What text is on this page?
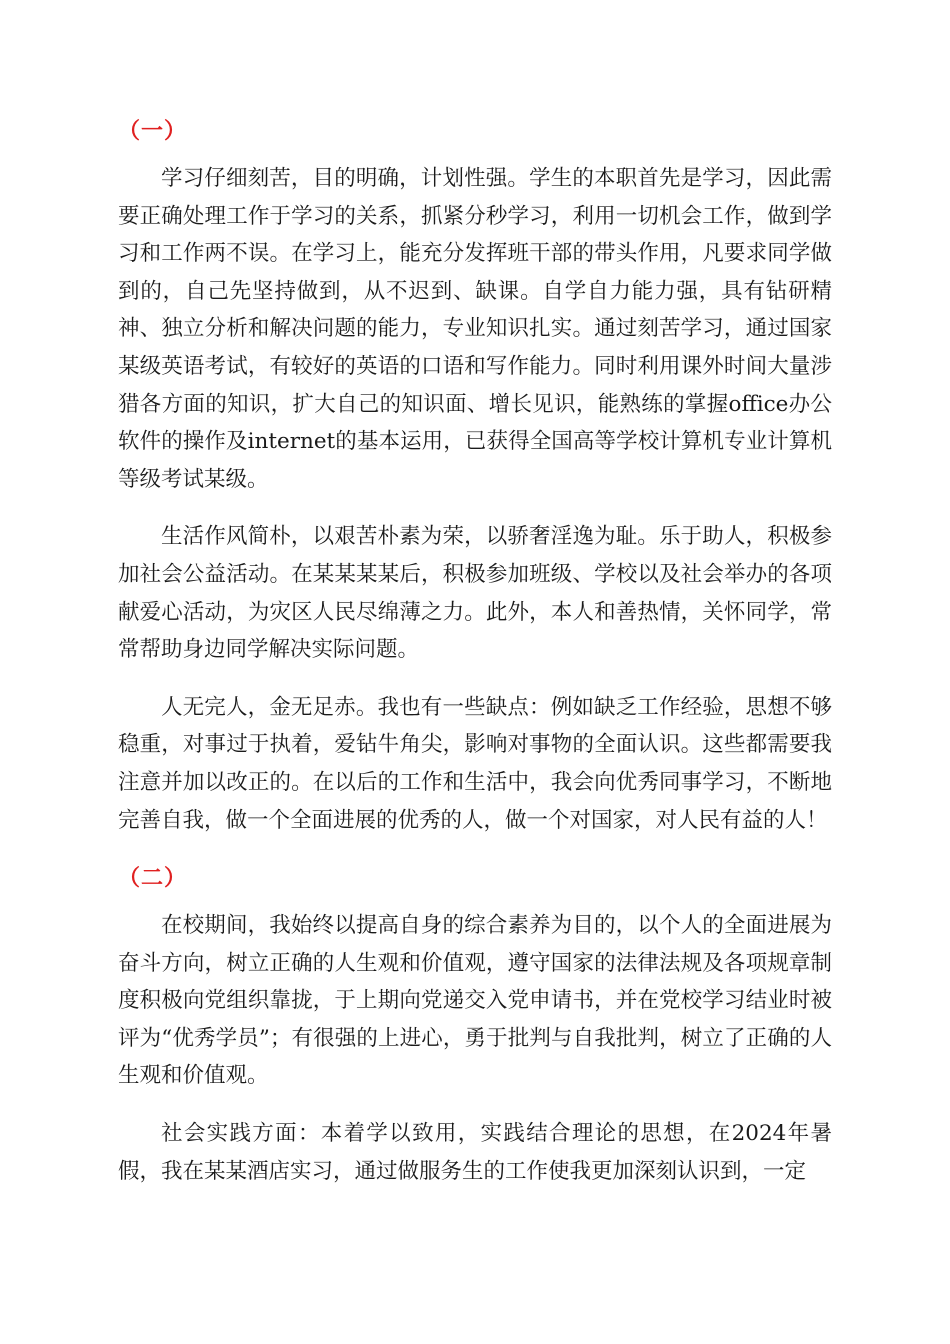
（一）

学习仔细刻苦，目的明确，计划性强。学生的本职首先是学习，因此需要正确处理工作于学习的关系，抓紧分秒学习，利用一切机会工作，做到学习和工作两不误。在学习上，能充分发挥班干部的带头作用，凡要求同学做到的，自己先坚持做到，从不迟到、缺课。自学自力能力强，具有钻研精神、独立分析和解决问题的能力，专业知识扎实。通过刻苦学习，通过国家某级英语考试，有较好的英语的口语和写作能力。同时利用课外时间大量涉猎各方面的知识，扩大自己的知识面、增长见识，能熟练的掌握office办公软件的操作及internet的基本运用，已获得全国高等学校计算机专业计算机等级考试某级。

生活作风简朴，以艰苦朴素为荣，以骄奢淫逸为耻。乐于助人，积极参加社会公益活动。在某某某某后，积极参加班级、学校以及社会举办的各项献爱心活动，为灾区人民尽绵薄之力。此外，本人和善热情，关怀同学，常常帮助身边同学解决实际问题。

人无完人，金无足赤。我也有一些缺点：例如缺乏工作经验，思想不够稳重，对事过于执着，爱钻牛角尖，影响对事物的全面认识。这些都需要我注意并加以改正的。在以后的工作和生活中，我会向优秀同事学习，不断地完善自我，做一个全面进展的优秀的人，做一个对国家，对人民有益的人！

（二）

在校期间，我始终以提高自身的综合素养为目的，以个人的全面进展为奋斗方向，树立正确的人生观和价值观，遵守国家的法律法规及各项规章制度积极向党组织靠拢，于上期向党递交入党申请书，并在党校学习结业时被评为“优秀学员”；有很强的上进心，勇于批判与自我批判，树立了正确的人生观和价值观。

社会实践方面：本着学以致用，实践结合理论的思想，在2024年暑假，我在某某酒店实习，通过做服务生的工作使我更加深刻认识到，一定
